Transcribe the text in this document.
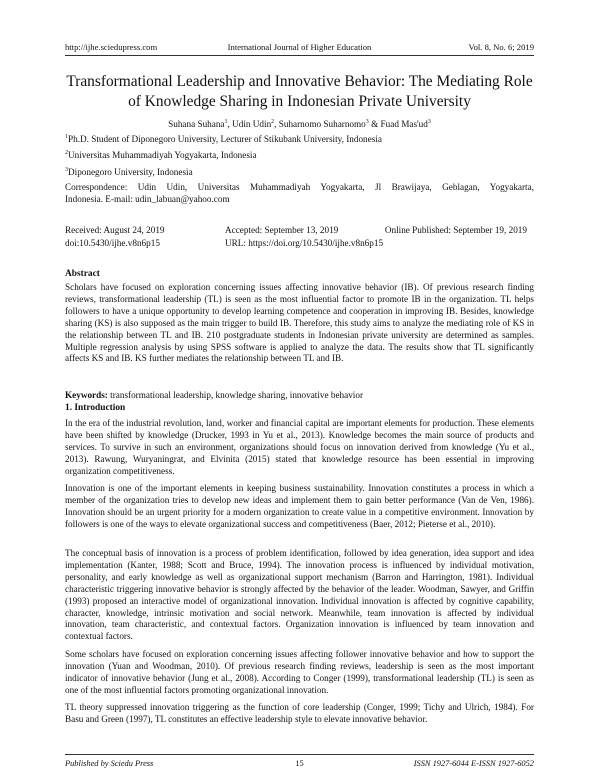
http://ijhe.sciedupress.com	International Journal of Higher Education	Vol. 8, No. 6; 2019
Transformational Leadership and Innovative Behavior: The Mediating Role of Knowledge Sharing in Indonesian Private University
Suhana Suhana$^1$, Udin Udin$^2$, Suharnomo Suharnomo$^3$ & Fuad $Mas'ud^3$
$^1$Ph.D. Student of Diponegoro University, Lecturer of Stikubank University, Indonesia
$^2$Universitas Muhammadiyah Yogyakarta, Indonesia
$^3$Diponegoro University, Indonesia
Correspondence: Udin Udin, Universitas Muhammadiyah Yogyakarta, Jl Brawijaya, Geblagan, Yogyakarta,
Indonesia. E-mail: udin_labuan@yahoo.com
Received: August 24, 2019	Accepted: September 13, 2019	Online Published: September 19, 2019
doi:10.5430/ijhe.v8n6p15	URL: https://doi.org/10.5430/ijhe.v8n6p15
Abstract
Scholars have focused on exploration concerning issues affecting innovative behavior (IB). Of previous research finding reviews, transformational leadership (TL) is seen as the most influential factor to promote IB in the organization. TL helps followers to have a unique opportunity to develop learning competence and cooperation in improving IB. Besides, knowledge sharing (KS) is also supposed as the main trigger to build IB. Therefore, this study aims to analyze the mediating role of KS in the relationship between TL and IB. 210 postgraduate students in Indonesian private university are determined as samples. Multiple regression analysis by using SPSS software is applied to analyze the data. The results show that TL significantly affects KS and IB. KS further mediates the relationship between TL and IB.
Keywords: transformational leadership, knowledge sharing, innovative behavior
1. Introduction
In the era of the industrial revolution, land, worker and financial capital are important elements for production. These elements have been shifted by knowledge (Drucker, 1993 in Yu et al., 2013). Knowledge becomes the main source of products and services. To survive in such an environment, organizations should focus on innovation derived from knowledge (Yu et al., 2013). Rawung, Wuryaningrat, and Elvinita (2015) stated that knowledge resource has been essential in improving organization competitiveness.
Innovation is one of the important elements in keeping business sustainability. Innovation constitutes a process in which a member of the organization tries to develop new ideas and implement them to gain better performance (Van de Ven, 1986). Innovation should be an urgent priority for a modern organization to create value in a competitive environment. Innovation by followers is one of the ways to elevate organizational success and competitiveness (Baer, 2012; Pieterse et al., 2010).
The conceptual basis of innovation is a process of problem identification, followed by idea generation, idea support and idea implementation (Kanter, 1988; Scott and Bruce, 1994). The innovation process is influenced by individual motivation, personality, and early knowledge as well as organizational support mechanism (Barron and Harrington, 1981). Individual characteristic triggering innovative behavior is strongly affected by the behavior of the leader. Woodman, Sawyer, and Griffin (1993) proposed an interactive model of organizational innovation. Individual innovation is affected by cognitive capability, character, knowledge, intrinsic motivation and social network. Meanwhile, team innovation is affected by individual innovation, team characteristic, and contextual factors. Organization innovation is influenced by team innovation and contextual factors.
Some scholars have focused on exploration concerning issues affecting follower innovative behavior and how to support the innovation (Yuan and Woodman, 2010). Of previous research finding reviews, leadership is seen as the most important indicator of innovative behavior (Jung et al., 2008). According to Conger (1999), transformational leadership (TL) is seen as one of the most influential factors promoting organizational innovation.
TL theory suppressed innovation triggering as the function of core leadership (Conger, 1999; Tichy and Ulrich, 1984). For Basu and Green (1997), TL constitutes an effective leadership style to elevate innovative behavior.
Published by Sciedu Press	15	ISSN 1927-6044 E-ISSN 1927-6052
